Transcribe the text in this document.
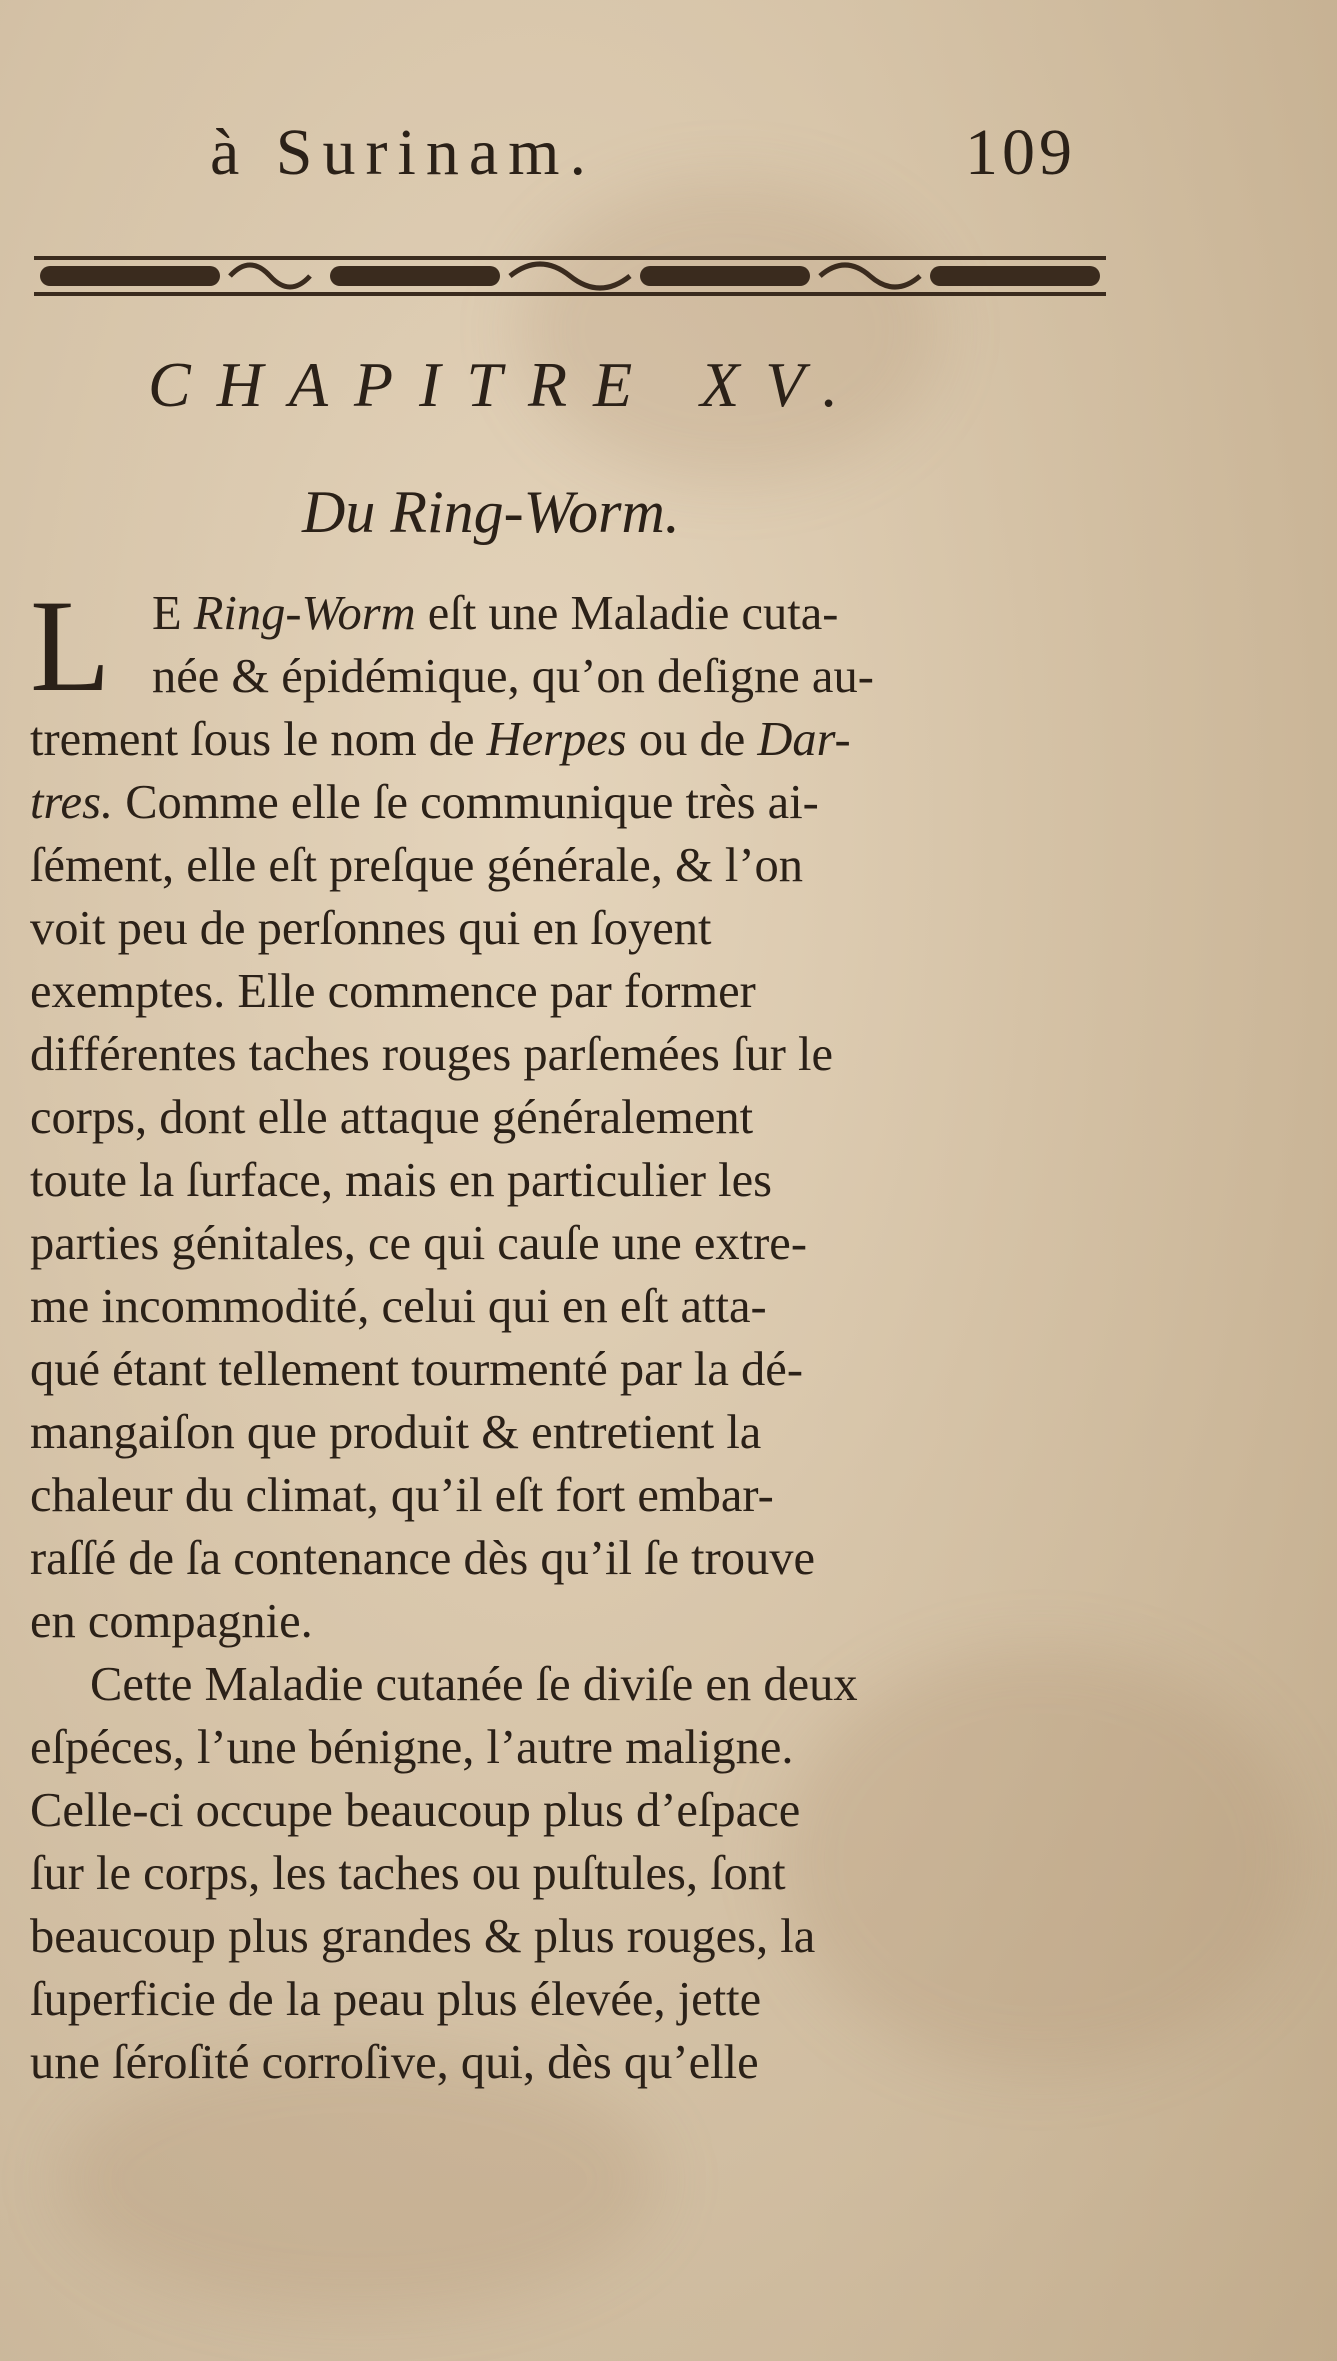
à Surinam.	109
CHAPITRE XV.
Du Ring-Worm.
L E Ring-Worm eſt une Maladie cuta-
née & épidémique, qu’on deſigne au-
trement ſous le nom de Herpes ou de Dar-
tres. Comme elle ſe communique très ai-
ſément, elle eſt preſque générale, & l’on
voit peu de perſonnes qui en ſoyent
exemptes. Elle commence par former
différentes taches rouges parſemées ſur le
corps, dont elle attaque généralement
toute la ſurface, mais en particulier les
parties génitales, ce qui cauſe une extre-
me incommodité, celui qui en eſt atta-
qué étant tellement tourmenté par la dé-
mangaiſon que produit & entretient la
chaleur du climat, qu’il eſt fort embar-
raſſé de ſa contenance dès qu’il ſe trouve
en compagnie.
Cette Maladie cutanée ſe diviſe en deux
eſpéces, l’une bénigne, l’autre maligne.
Celle-ci occupe beaucoup plus d’eſpace
ſur le corps, les taches ou puſtules, ſont
beaucoup plus grandes & plus rouges, la
ſuperficie de la peau plus élevée, jette
une ſéroſité corroſive, qui, dès qu’elle
